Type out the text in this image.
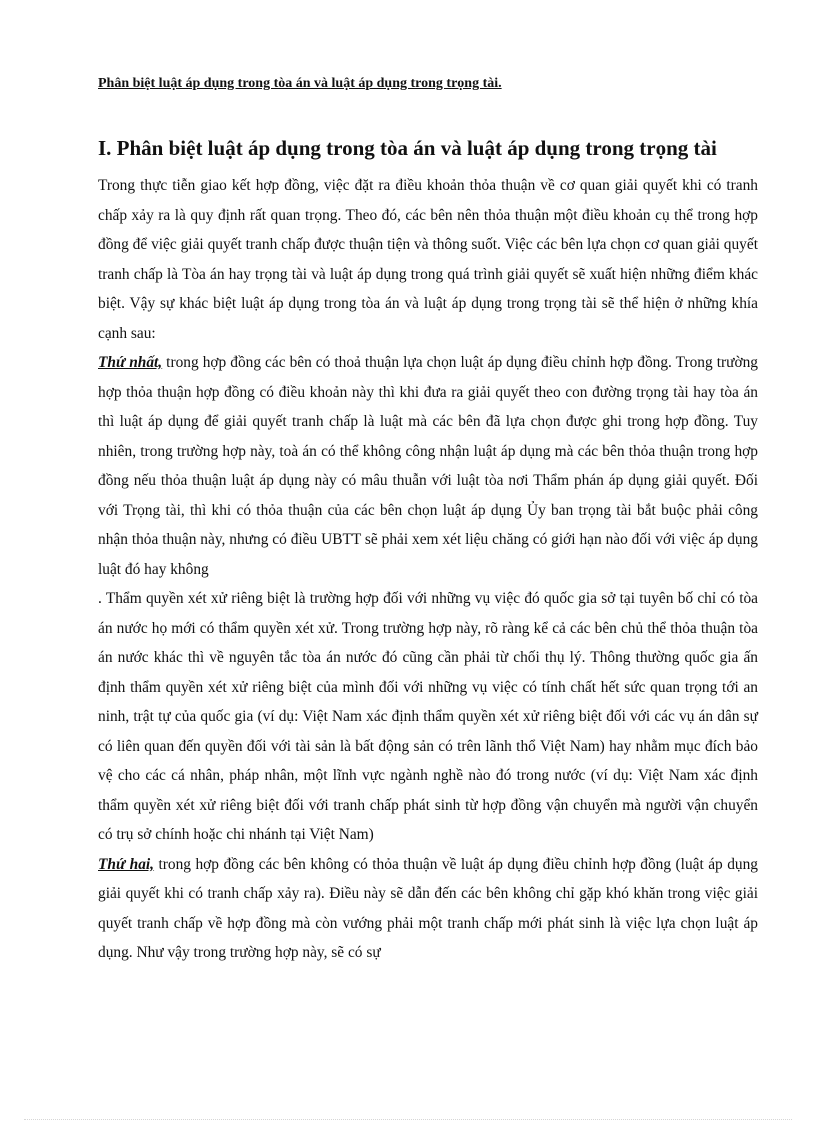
Phân biệt luật áp dụng trong tòa án và luật áp dụng trong trọng tài.
I. Phân biệt luật áp dụng trong tòa án và luật áp dụng trong trọng tài

Trong thực tiễn giao kết hợp đồng, việc đặt ra điều khoản thỏa thuận về cơ quan giải quyết khi có tranh chấp xảy ra là quy định rất quan trọng. Theo đó, các bên nên thỏa thuận một điều khoản cụ thể trong hợp đồng để việc giải quyết tranh chấp được thuận tiện và thông suốt. Việc các bên lựa chọn cơ quan giải quyết tranh chấp là Tòa án hay trọng tài và luật áp dụng trong quá trình giải quyết sẽ xuất hiện những điểm khác biệt. Vậy sự khác biệt luật áp dụng trong tòa án và luật áp dụng trong trọng tài sẽ thể hiện ở những khía cạnh sau:

Thứ nhất, trong hợp đồng các bên có thoả thuận lựa chọn luật áp dụng điều chỉnh hợp đồng. Trong trường hợp thỏa thuận hợp đồng có điều khoản này thì khi đưa ra giải quyết theo con đường trọng tài hay tòa án thì luật áp dụng để giải quyết tranh chấp là luật mà các bên đã lựa chọn được ghi trong hợp đồng. Tuy nhiên, trong trường hợp này, toà án có thể không công nhận luật áp dụng mà các bên thỏa thuận trong hợp đồng nếu thỏa thuận luật áp dụng này có mâu thuẫn với luật tòa nơi Thẩm phán áp dụng giải quyết. Đối với Trọng tài, thì khi có thỏa thuận của các bên chọn luật áp dụng Ủy ban trọng tài bắt buộc phải công nhận thỏa thuận này, nhưng có điều UBTT sẽ phải xem xét liệu chăng có giới hạn nào đối với việc áp dụng luật đó hay không

. Thẩm quyền xét xử riêng biệt là trường hợp đối với những vụ việc đó quốc gia sở tại tuyên bố chỉ có tòa án nước họ mới có thẩm quyền xét xử. Trong trường hợp này, rõ ràng kể cả các bên chủ thể thỏa thuận tòa án nước khác thì về nguyên tắc tòa án nước đó cũng cần phải từ chối thụ lý. Thông thường quốc gia ấn định thẩm quyền xét xử riêng biệt của mình đối với những vụ việc có tính chất hết sức quan trọng tới an ninh, trật tự của quốc gia (ví dụ: Việt Nam xác định thẩm quyền xét xử riêng biệt đối với các vụ án dân sự có liên quan đến quyền đối với tài sản là bất động sản có trên lãnh thổ Việt Nam) hay nhằm mục đích bảo vệ cho các cá nhân, pháp nhân, một lĩnh vực ngành nghề nào đó trong nước (ví dụ: Việt Nam xác định thẩm quyền xét xử riêng biệt đối với tranh chấp phát sinh từ hợp đồng vận chuyển mà người vận chuyển có trụ sở chính hoặc chi nhánh tại Việt Nam)

Thứ hai, trong hợp đồng các bên không có thỏa thuận về luật áp dụng điều chỉnh hợp đồng (luật áp dụng giải quyết khi có tranh chấp xảy ra). Điều này sẽ dẫn đến các bên không chỉ gặp khó khăn trong việc giải quyết tranh chấp về hợp đồng mà còn vướng phải một tranh chấp mới phát sinh là việc lựa chọn luật áp dụng. Như vậy trong trường hợp này, sẽ có sự
